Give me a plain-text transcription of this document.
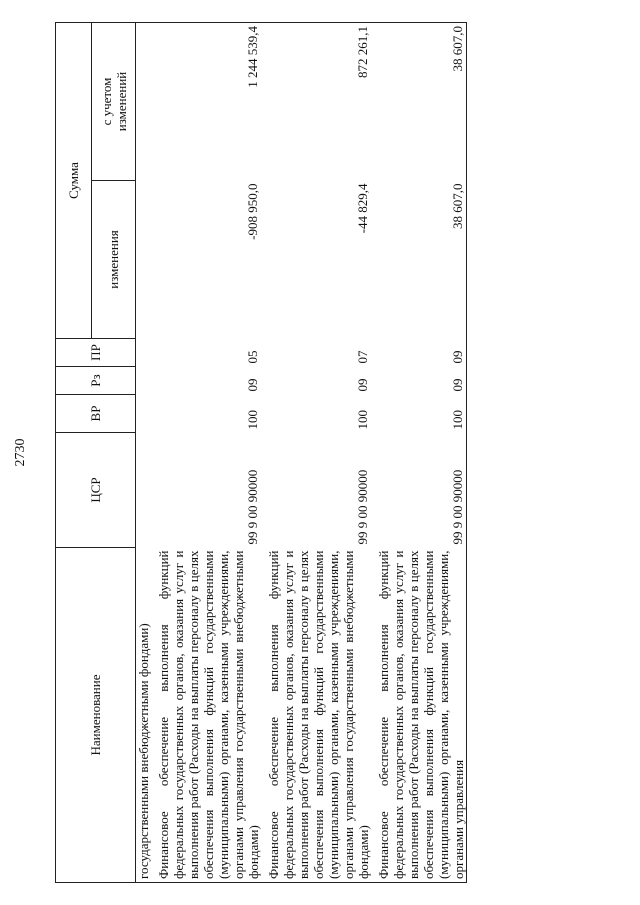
2730
Наименование	ЦСР	ВР	Рз	ПР	Сумма	
					изменения	с учетом
изменений
государственными внебюджетными фондами)						
Финансовое обеспечение выполнения функций федеральных государственных органов, оказания услуг и выполнения работ (Расходы на выплаты персоналу в целях обеспечения выполнения функций государственными (муниципальными) органами, казенными учреждениями, органами управления государственными внебюджетными фондами)	99 9 00 90000	100	09	05	-908 950,0	1 244 539,4
Финансовое обеспечение выполнения функций федеральных государственных органов, оказания услуг и выполнения работ (Расходы на выплаты персоналу в целях обеспечения выполнения функций государственными (муниципальными) органами, казенными учреждениями, органами управления государственными внебюджетными фондами)	99 9 00 90000	100	09	07	-44 829,4	872 261,1
Финансовое обеспечение выполнения функций федеральных государственных органов, оказания услуг и выполнения работ (Расходы на выплаты персоналу в целях обеспечения выполнения функций государственными (муниципальными) органами, казенными учреждениями, органами управления	99 9 00 90000	100	09	09	38 607,0	38 607,0
